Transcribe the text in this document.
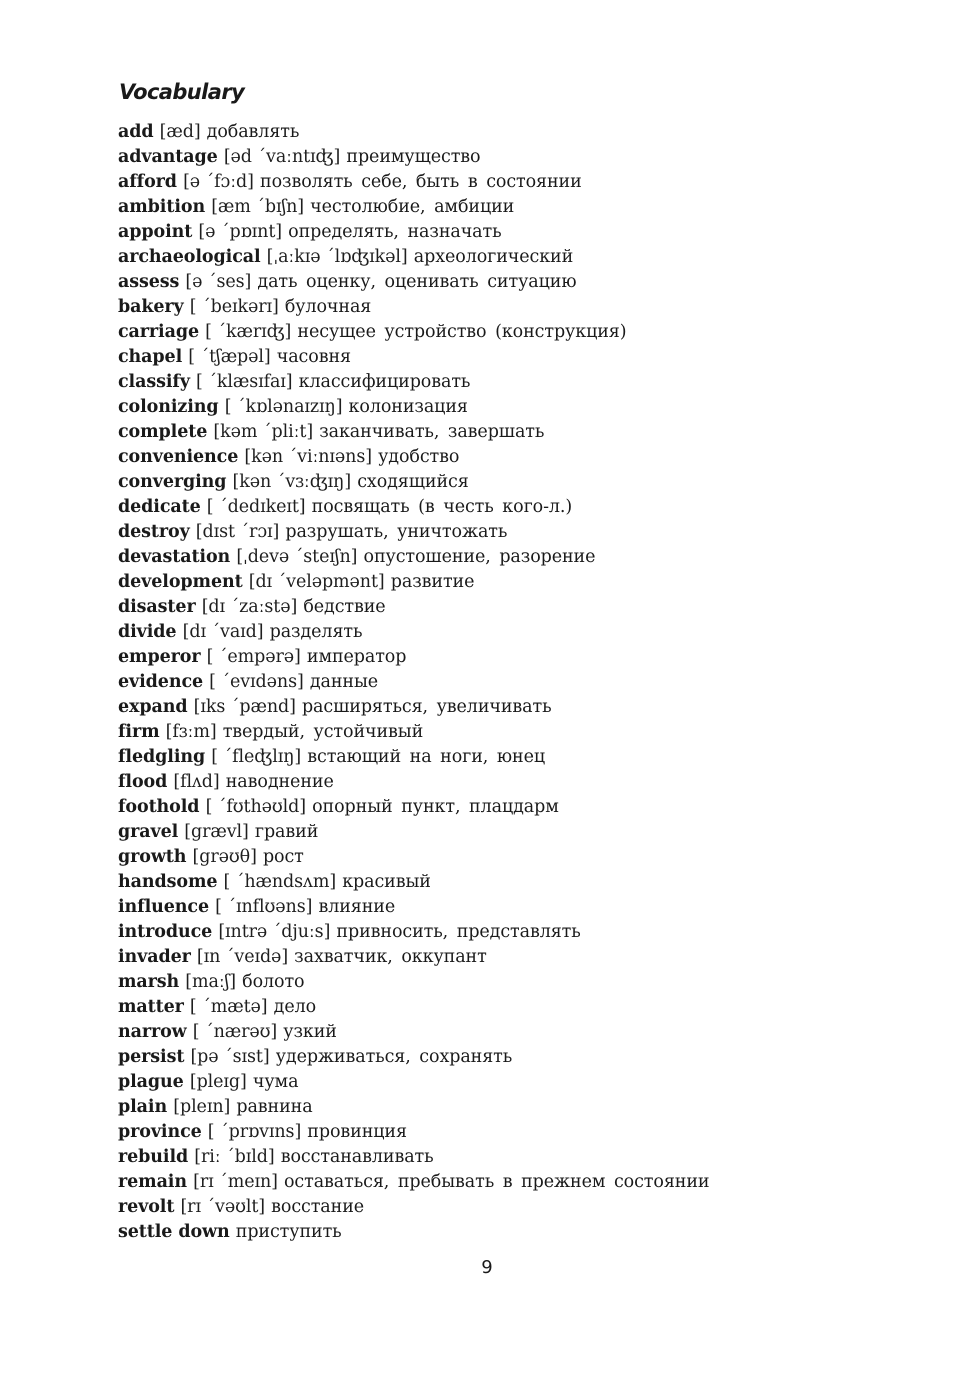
Vocabulary
add [æd] добавлять
advantage [əd ˊvaːntɪʤ] преимущество
afford [ə ˊfɔːd] позволять себе, быть в состоянии
ambition [æm ˊbɪʃn] честолюбие, амбиции
appoint [ə ˊpɒɪnt] определять, назначать
archaeological [ˌaːkɪə ˊlɒʤɪkəl] археологический
assess [ə ˊses] дать оценку, оценивать ситуацию
bakery [ ˊbeɪkərɪ] булочная
carriage [ ˊkærɪʤ] несущее устройство (конструкция)
chapel [ ˊtʃæpəl] часовня
classify [ ˊklæsɪfaɪ] классифицировать
colonizing [ ˊkɒlənaɪzɪŋ] колонизация
complete [kəm ˊpliːt] заканчивать, завершать
convenience [kən ˊviːnɪəns] удобство
converging [kən ˊvɜːʤɪŋ] сходящийся
dedicate [ ˊdedɪkeɪt] посвящать (в честь кого-л.)
destroy [dɪst ˊrɔɪ] разрушать, уничтожать
devastation [ˌdevə ˊsteɪʃn] опустошение, разорение
development [dɪ ˊveləpmənt] развитие
disaster [dɪ ˊzaːstə] бедствие
divide [dɪ ˊvaɪd] разделять
emperor [ ˊempərə] император
evidence [ ˊevɪdəns] данные
expand [ɪks ˊpænd] расширяться, увеличивать
firm [fɜːm] твердый, устойчивый
fledgling [ ˊfleʤlɪŋ] встающий на ноги, юнец
flood [flʌd] наводнение
foothold [ ˊfʊthəʊld] опорный пункт, плацдарм
gravel [grævl] гравий
growth [grəʊθ] рост
handsome [ ˊhændsʌm] красивый
influence [ ˊɪnflʊəns] влияние
introduce [ɪntrə ˊdjuːs] привносить, представлять
invader [ɪn ˊveɪdə] захватчик, оккупант
marsh [maːʃ] болото
matter [ ˊmætə] дело
narrow [ ˊnærəʊ] узкий
persist [pə ˊsɪst] удерживаться, сохранять
plague [pleɪg] чума
plain [pleɪn] равнина
province [ ˊprɒvɪns] провинция
rebuild [riː ˊbɪld] восстанавливать
remain [rɪ ˊmeɪn] оставаться, пребывать в прежнем состоянии
revolt [rɪ ˊvəʊlt] восстание
settle down приступить
9
